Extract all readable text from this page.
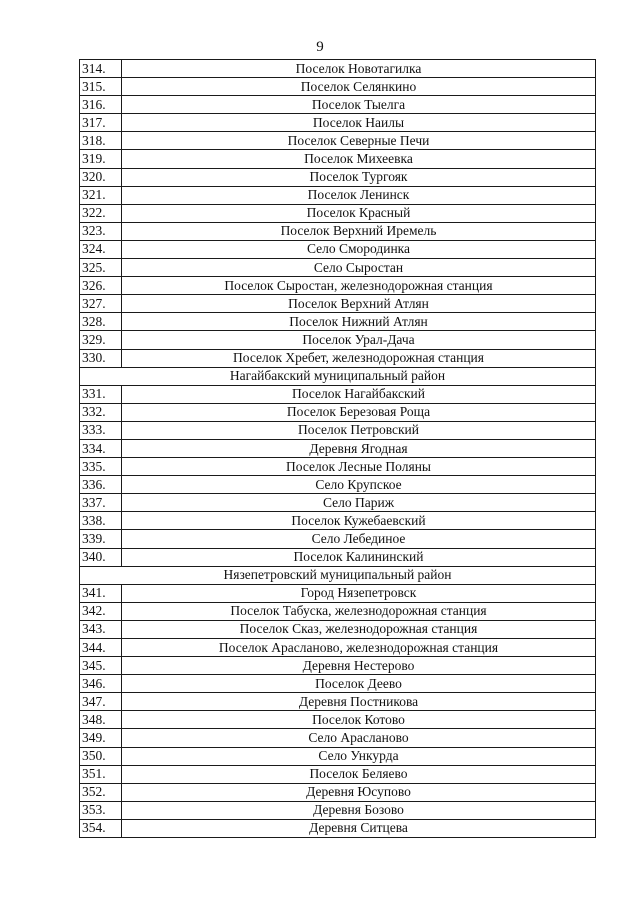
9
314.	Поселок Новотагилка
315.	Поселок Селянкино
316.	Поселок Тыелга
317.	Поселок Наилы
318.	Поселок Северные Печи
319.	Поселок Михеевка
320.	Поселок Тургояк
321.	Поселок Ленинск
322.	Поселок Красный
323.	Поселок Верхний Иремель
324.	Село Смородинка
325.	Село Сыростан
326.	Поселок Сыростан, железнодорожная станция
327.	Поселок Верхний Атлян
328.	Поселок Нижний Атлян
329.	Поселок Урал-Дача
330.	Поселок Хребет, железнодорожная станция
Нагайбакский муниципальный район	
331.	Поселок Нагайбакский
332.	Поселок Березовая Роща
333.	Поселок Петровский
334.	Деревня Ягодная
335.	Поселок Лесные Поляны
336.	Село Крупское
337.	Село Париж
338.	Поселок Кужебаевский
339.	Село Лебединое
340.	Поселок Калининский
Нязепетровский муниципальный район	
341.	Город Нязепетровск
342.	Поселок Табуска, железнодорожная станция
343.	Поселок Сказ, железнодорожная станция
344.	Поселок Арасланово, железнодорожная станция
345.	Деревня Нестерово
346.	Поселок Деево
347.	Деревня Постникова
348.	Поселок Котово
349.	Село Арасланово
350.	Село Ункурда
351.	Поселок Беляево
352.	Деревня Юсупово
353.	Деревня Бозово
354.	Деревня Ситцева
